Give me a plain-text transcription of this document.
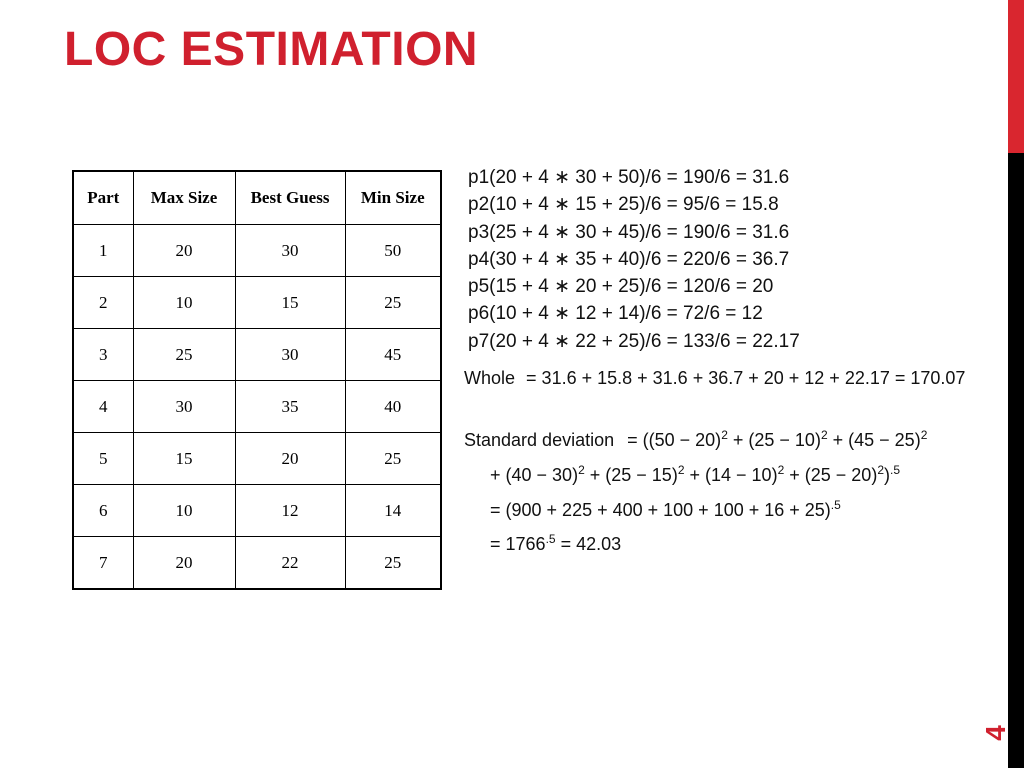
LOC ESTIMATION
Part	Max Size	Best Guess	Min Size
1	20	30	50
2	10	15	25
3	25	30	45
4	30	35	40
5	15	20	25
6	10	12	14
7	20	22	25
p1(20 + 4 ∗ 30 + 50)/6 = 190/6 = 31.6
p2(10 + 4 ∗ 15 + 25)/6 = 95/6 = 15.8
p3(25 + 4 ∗ 30 + 45)/6 = 190/6 = 31.6
p4(30 + 4 ∗ 35 + 40)/6 = 220/6 = 36.7
p5(15 + 4 ∗ 20 + 25)/6 = 120/6 = 20
p6(10 + 4 ∗ 12 + 14)/6 = 72/6 = 12
p7(20 + 4 ∗ 22 + 25)/6 = 133/6 = 22.17
Whole = 31.6 + 15.8 + 31.6 + 36.7 + 20 + 12 + 22.17 = 170.07
Standard deviation = ($(50 - 20)^2 + (25 - 10)^2 + (45 - 25)^2$
+ $(40 - 30)^2 + (25 - 15)^2 + (14 - 10)^2 + (25 - 20)^2)^{.5}$
= $(900 + 225 + 400 + 100 + 100 + 16 + 25)^{.5}$
= $1766^{.5} = 42.03$
4
